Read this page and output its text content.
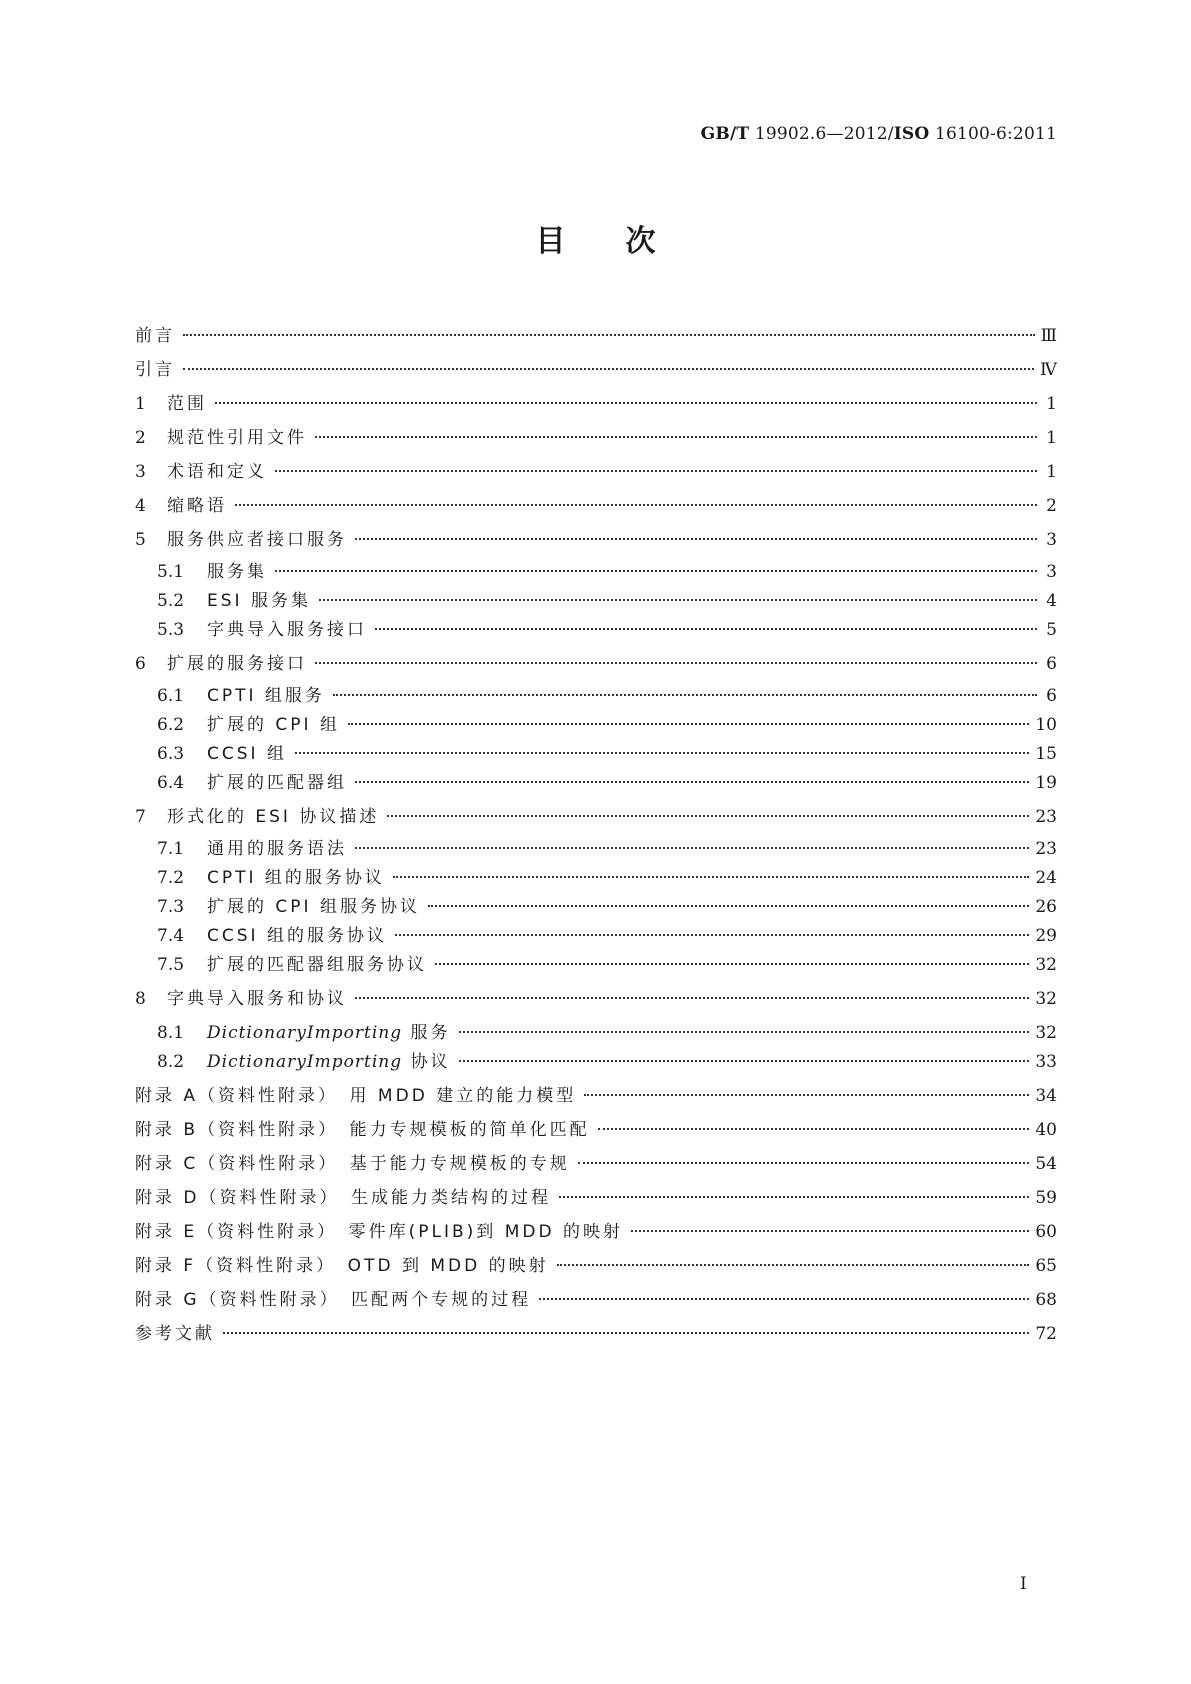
GB/T 19902.6—2012/ISO 16100-6:2011
目次
前言	Ⅲ
引言	Ⅳ
1	范围	1
2	规范性引用文件	1
3	术语和定义	1
4	缩略语	2
5	服务供应者接口服务	3
5.1	服务集	3
5.2	ESI 服务集	4
5.3	字典导入服务接口	5
6	扩展的服务接口	6
6.1	CPTI 组服务	6
6.2	扩展的 CPI 组	10
6.3	CCSI 组	15
6.4	扩展的匹配器组	19
7	形式化的 ESI 协议描述	23
7.1	通用的服务语法	23
7.2	CPTI 组的服务协议	24
7.3	扩展的 CPI 组服务协议	26
7.4	CCSI 组的服务协议	29
7.5	扩展的匹配器组服务协议	32
8	字典导入服务和协议	32
8.1	DictionaryImporting 服务	32
8.2	DictionaryImporting 协议	33
附录 A（资料性附录）　用 MDD 建立的能力模型	34
附录 B（资料性附录）　能力专规模板的简单化匹配	40
附录 C（资料性附录）　基于能力专规模板的专规	54
附录 D（资料性附录）　生成能力类结构的过程	59
附录 E（资料性附录）　零件库(PLIB)到 MDD 的映射	60
附录 F（资料性附录）　OTD 到 MDD 的映射	65
附录 G（资料性附录）　匹配两个专规的过程	68
参考文献	72
I
